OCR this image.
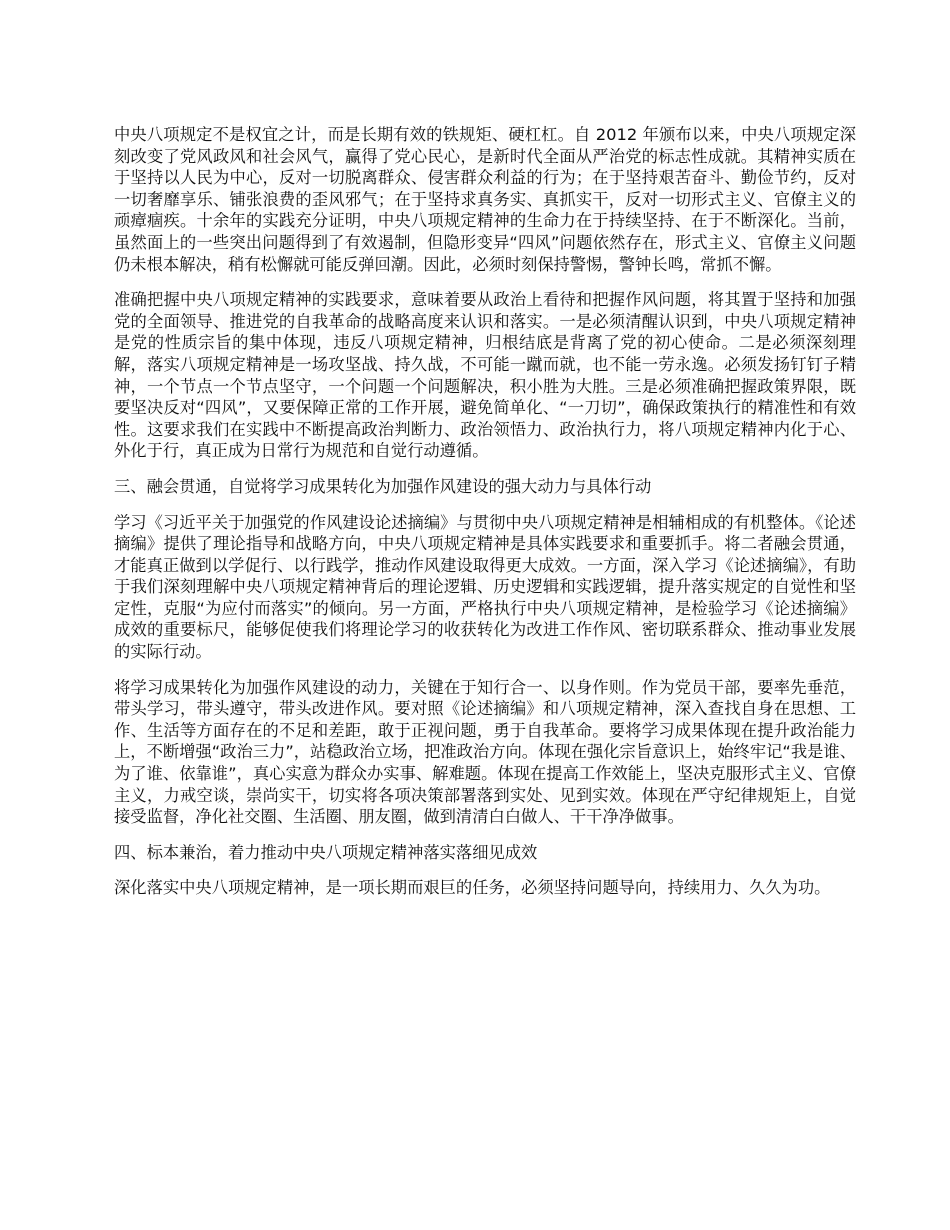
中央八项规定不是权宜之计，而是长期有效的铁规矩、硬杠杠。自 2012 年颁布以来，中央八项规定深刻改变了党风政风和社会风气，赢得了党心民心，是新时代全面从严治党的标志性成就。其精神实质在于坚持以人民为中心，反对一切脱离群众、侵害群众利益的行为；在于坚持艰苦奋斗、勤俭节约，反对一切奢靡享乐、铺张浪费的歪风邪气；在于坚持求真务实、真抓实干，反对一切形式主义、官僚主义的顽瘴痼疾。十余年的实践充分证明，中央八项规定精神的生命力在于持续坚持、在于不断深化。当前，虽然面上的一些突出问题得到了有效遏制，但隐形变异“四风”问题依然存在，形式主义、官僚主义问题仍未根本解决，稍有松懈就可能反弹回潮。因此，必须时刻保持警惕，警钟长鸣，常抓不懈。

准确把握中央八项规定精神的实践要求，意味着要从政治上看待和把握作风问题，将其置于坚持和加强党的全面领导、推进党的自我革命的战略高度来认识和落实。一是必须清醒认识到，中央八项规定精神是党的性质宗旨的集中体现，违反八项规定精神，归根结底是背离了党的初心使命。二是必须深刻理解，落实八项规定精神是一场攻坚战、持久战，不可能一蹴而就，也不能一劳永逸。必须发扬钉钉子精神，一个节点一个节点坚守，一个问题一个问题解决，积小胜为大胜。三是必须准确把握政策界限，既要坚决反对“四风”，又要保障正常的工作开展，避免简单化、“一刀切”，确保政策执行的精准性和有效性。这要求我们在实践中不断提高政治判断力、政治领悟力、政治执行力，将八项规定精神内化于心、外化于行，真正成为日常行为规范和自觉行动遵循。

三、融会贯通，自觉将学习成果转化为加强作风建设的强大动力与具体行动

学习《习近平关于加强党的作风建设论述摘编》与贯彻中央八项规定精神是相辅相成的有机整体。《论述摘编》提供了理论指导和战略方向，中央八项规定精神是具体实践要求和重要抓手。将二者融会贯通，才能真正做到以学促行、以行践学，推动作风建设取得更大成效。一方面，深入学习《论述摘编》，有助于我们深刻理解中央八项规定精神背后的理论逻辑、历史逻辑和实践逻辑，提升落实规定的自觉性和坚定性，克服“为应付而落实”的倾向。另一方面，严格执行中央八项规定精神，是检验学习《论述摘编》成效的重要标尺，能够促使我们将理论学习的收获转化为改进工作作风、密切联系群众、推动事业发展的实际行动。

将学习成果转化为加强作风建设的动力，关键在于知行合一、以身作则。作为党员干部，要率先垂范，带头学习，带头遵守，带头改进作风。要对照《论述摘编》和八项规定精神，深入查找自身在思想、工作、生活等方面存在的不足和差距，敢于正视问题，勇于自我革命。要将学习成果体现在提升政治能力上，不断增强“政治三力”，站稳政治立场，把准政治方向。体现在强化宗旨意识上，始终牢记“我是谁、为了谁、依靠谁”，真心实意为群众办实事、解难题。体现在提高工作效能上，坚决克服形式主义、官僚主义，力戒空谈，崇尚实干，切实将各项决策部署落到实处、见到实效。体现在严守纪律规矩上，自觉接受监督，净化社交圈、生活圈、朋友圈，做到清清白白做人、干干净净做事。

四、标本兼治，着力推动中央八项规定精神落实落细见成效

深化落实中央八项规定精神，是一项长期而艰巨的任务，必须坚持问题导向，持续用力、久久为功。
